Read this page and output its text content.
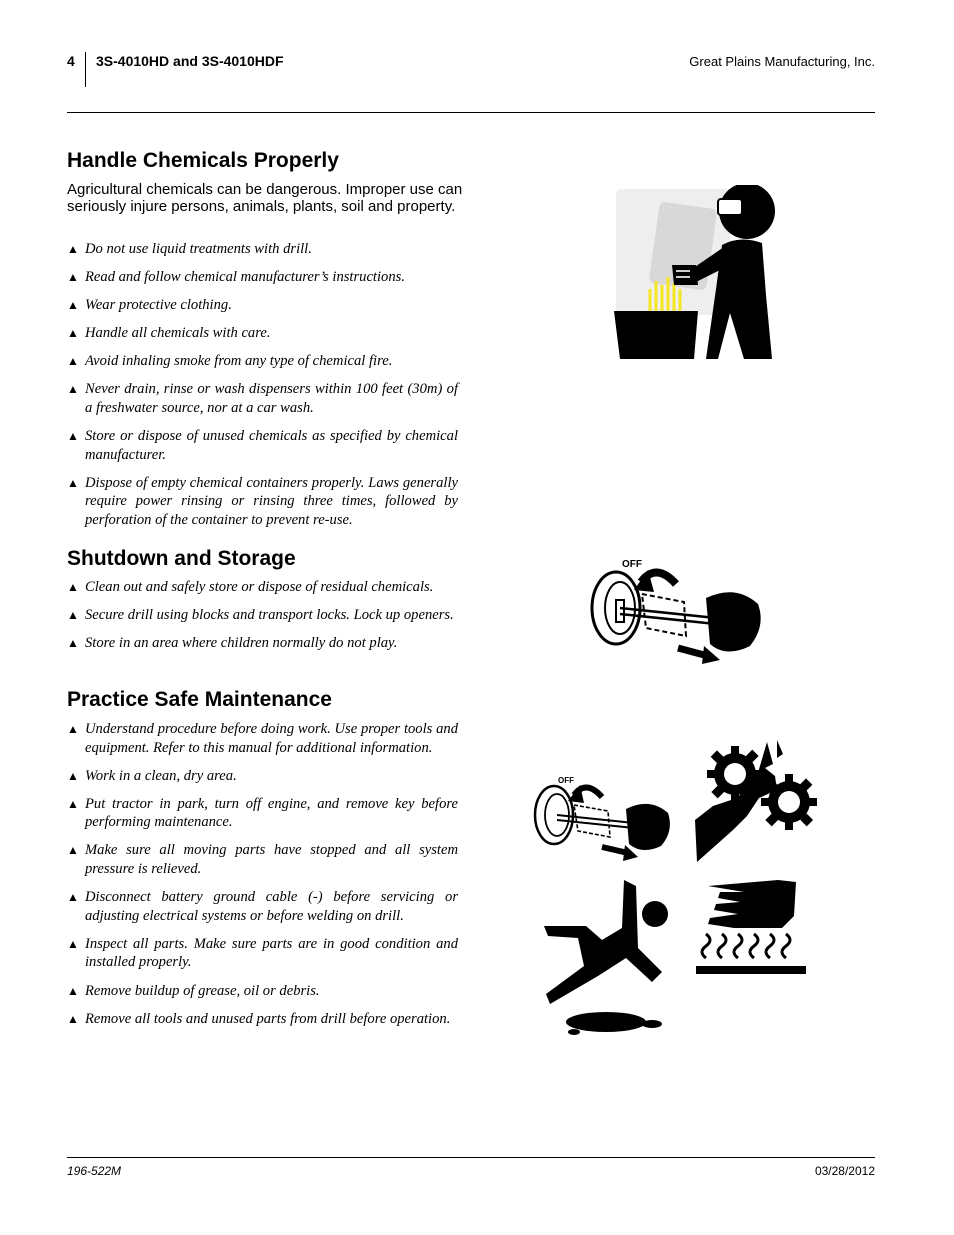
4 3S-4010HD and 3S-4010HDF	Great Plains Manufacturing, Inc.
Handle Chemicals Properly

Agricultural chemicals can be dangerous. Improper use can seriously injure persons, animals, plants, soil and property.

▲ Do not use liquid treatments with drill.
▲ Read and follow chemical manufacturer’s instructions.
▲ Wear protective clothing.
▲ Handle all chemicals with care.
▲ Avoid inhaling smoke from any type of chemical fire.
▲ Never drain, rinse or wash dispensers within 100 feet (30m) of a freshwater source, nor at a car wash.
▲ Store or dispose of unused chemicals as specified by chemical manufacturer.
▲ Dispose of empty chemical containers properly. Laws generally require power rinsing or rinsing three times, followed by perforation of the container to prevent re-use.
Shutdown and Storage
▲ Clean out and safely store or dispose of residual chemicals.
▲ Secure drill using blocks and transport locks. Lock up openers.
▲ Store in an area where children normally do not play.
Practice Safe Maintenance
▲ Understand procedure before doing work. Use proper tools and equipment. Refer to this manual for additional information.
▲ Work in a clean, dry area.
▲ Put tractor in park, turn off engine, and remove key before performing maintenance.
▲ Make sure all moving parts have stopped and all system pressure is relieved.
▲ Disconnect battery ground cable (-) before servicing or adjusting electrical systems or before welding on drill.
▲ Inspect all parts. Make sure parts are in good condition and installed properly.
▲ Remove buildup of grease, oil or debris.
▲ Remove all tools and unused parts from drill before operation.
OFF
OFF
196-522M	03/28/2012
